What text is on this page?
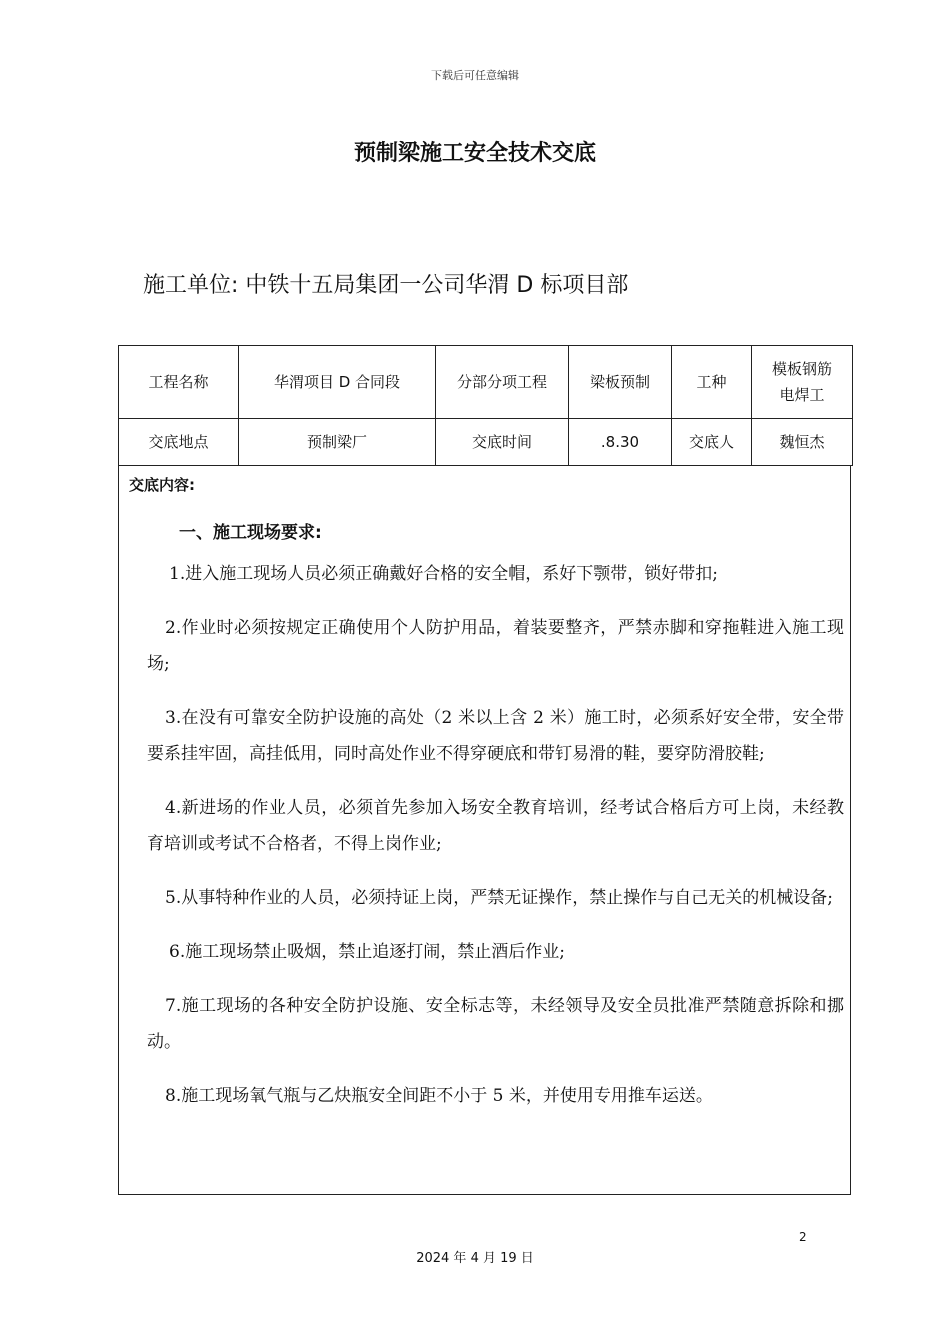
下载后可任意编辑
预制梁施工安全技术交底
施工单位: 中铁十五局集团一公司华渭 D 标项目部
工程名称	华渭项目 D 合同段	分部分项工程	梁板预制	工种	模板钢筋
电焊工

交底地点	预制梁厂	交底时间	.8.30	交底人	魏恒杰
交底内容:
一、施工现场要求:

1.进入施工现场人员必须正确戴好合格的安全帽，系好下颚带，锁好带扣;

2.作业时必须按规定正确使用个人防护用品，着装要整齐，严禁赤脚和穿拖鞋进入施工现场;

3.在没有可靠安全防护设施的高处（2 米以上含 2 米）施工时，必须系好安全带，安全带要系挂牢固，高挂低用，同时高处作业不得穿硬底和带钉易滑的鞋，要穿防滑胶鞋;

4.新进场的作业人员，必须首先参加入场安全教育培训，经考试合格后方可上岗，未经教育培训或考试不合格者，不得上岗作业;

5.从事特种作业的人员，必须持证上岗，严禁无证操作，禁止操作与自己无关的机械设备;

6.施工现场禁止吸烟，禁止追逐打闹，禁止酒后作业;

7.施工现场的各种安全防护设施、安全标志等，未经领导及安全员批准严禁随意拆除和挪动。

8.施工现场氧气瓶与乙炔瓶安全间距不小于 5 米，并使用专用推车运送。

2
2024 年 4 月 19 日
